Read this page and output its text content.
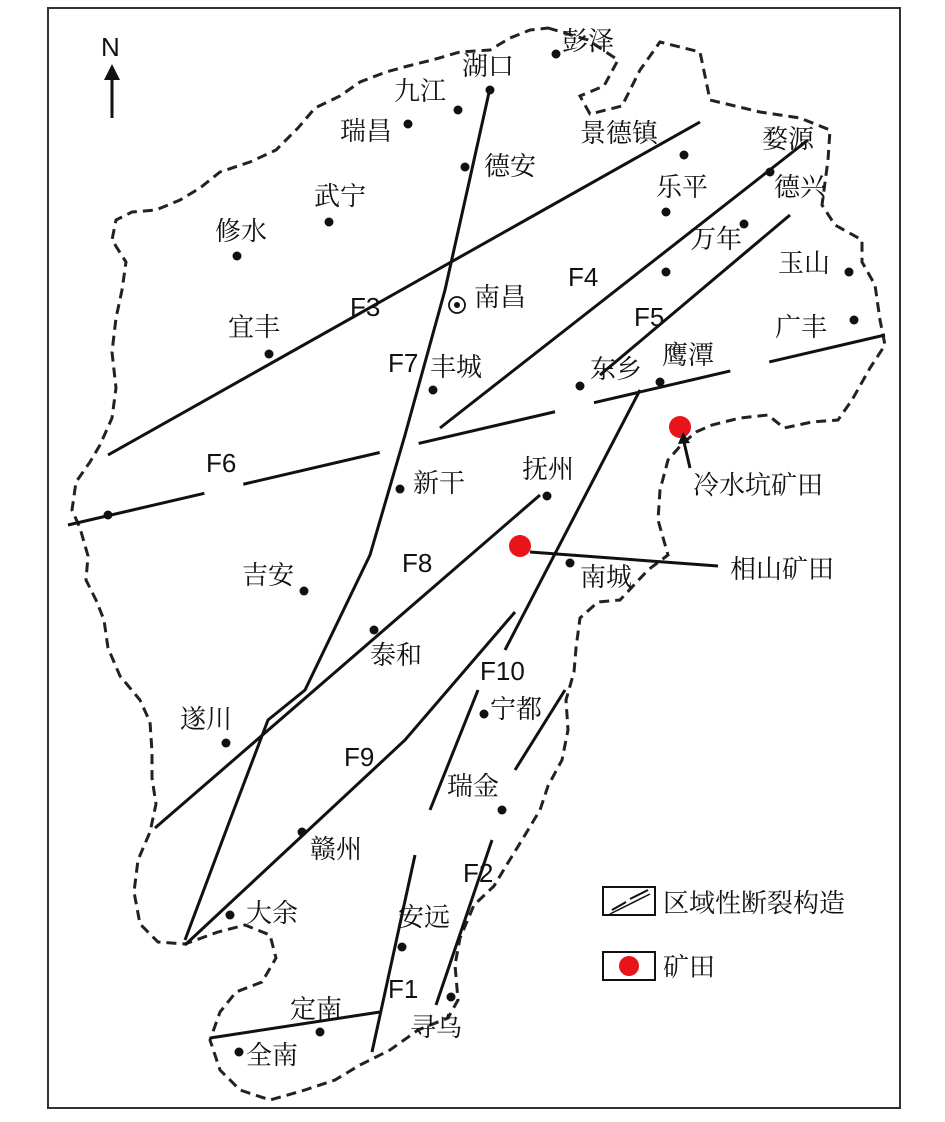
N	彭泽
湖口
九江
瑞昌
德安
景德镇	婺源
乐平	德兴
武宁
修水	万年
玉山
南昌
宜丰	广丰
丰城	东乡 鹰潭
新干 抚州
吉安	南城
泰和
宁都
遂川
瑞金
赣州
大余	安远
寻乌
定南
全南
F4
F5
F3
F7
F6
F8
F10
F9
F2
F1
冷水坑矿田
相山矿田
区域性断裂构造
矿田
